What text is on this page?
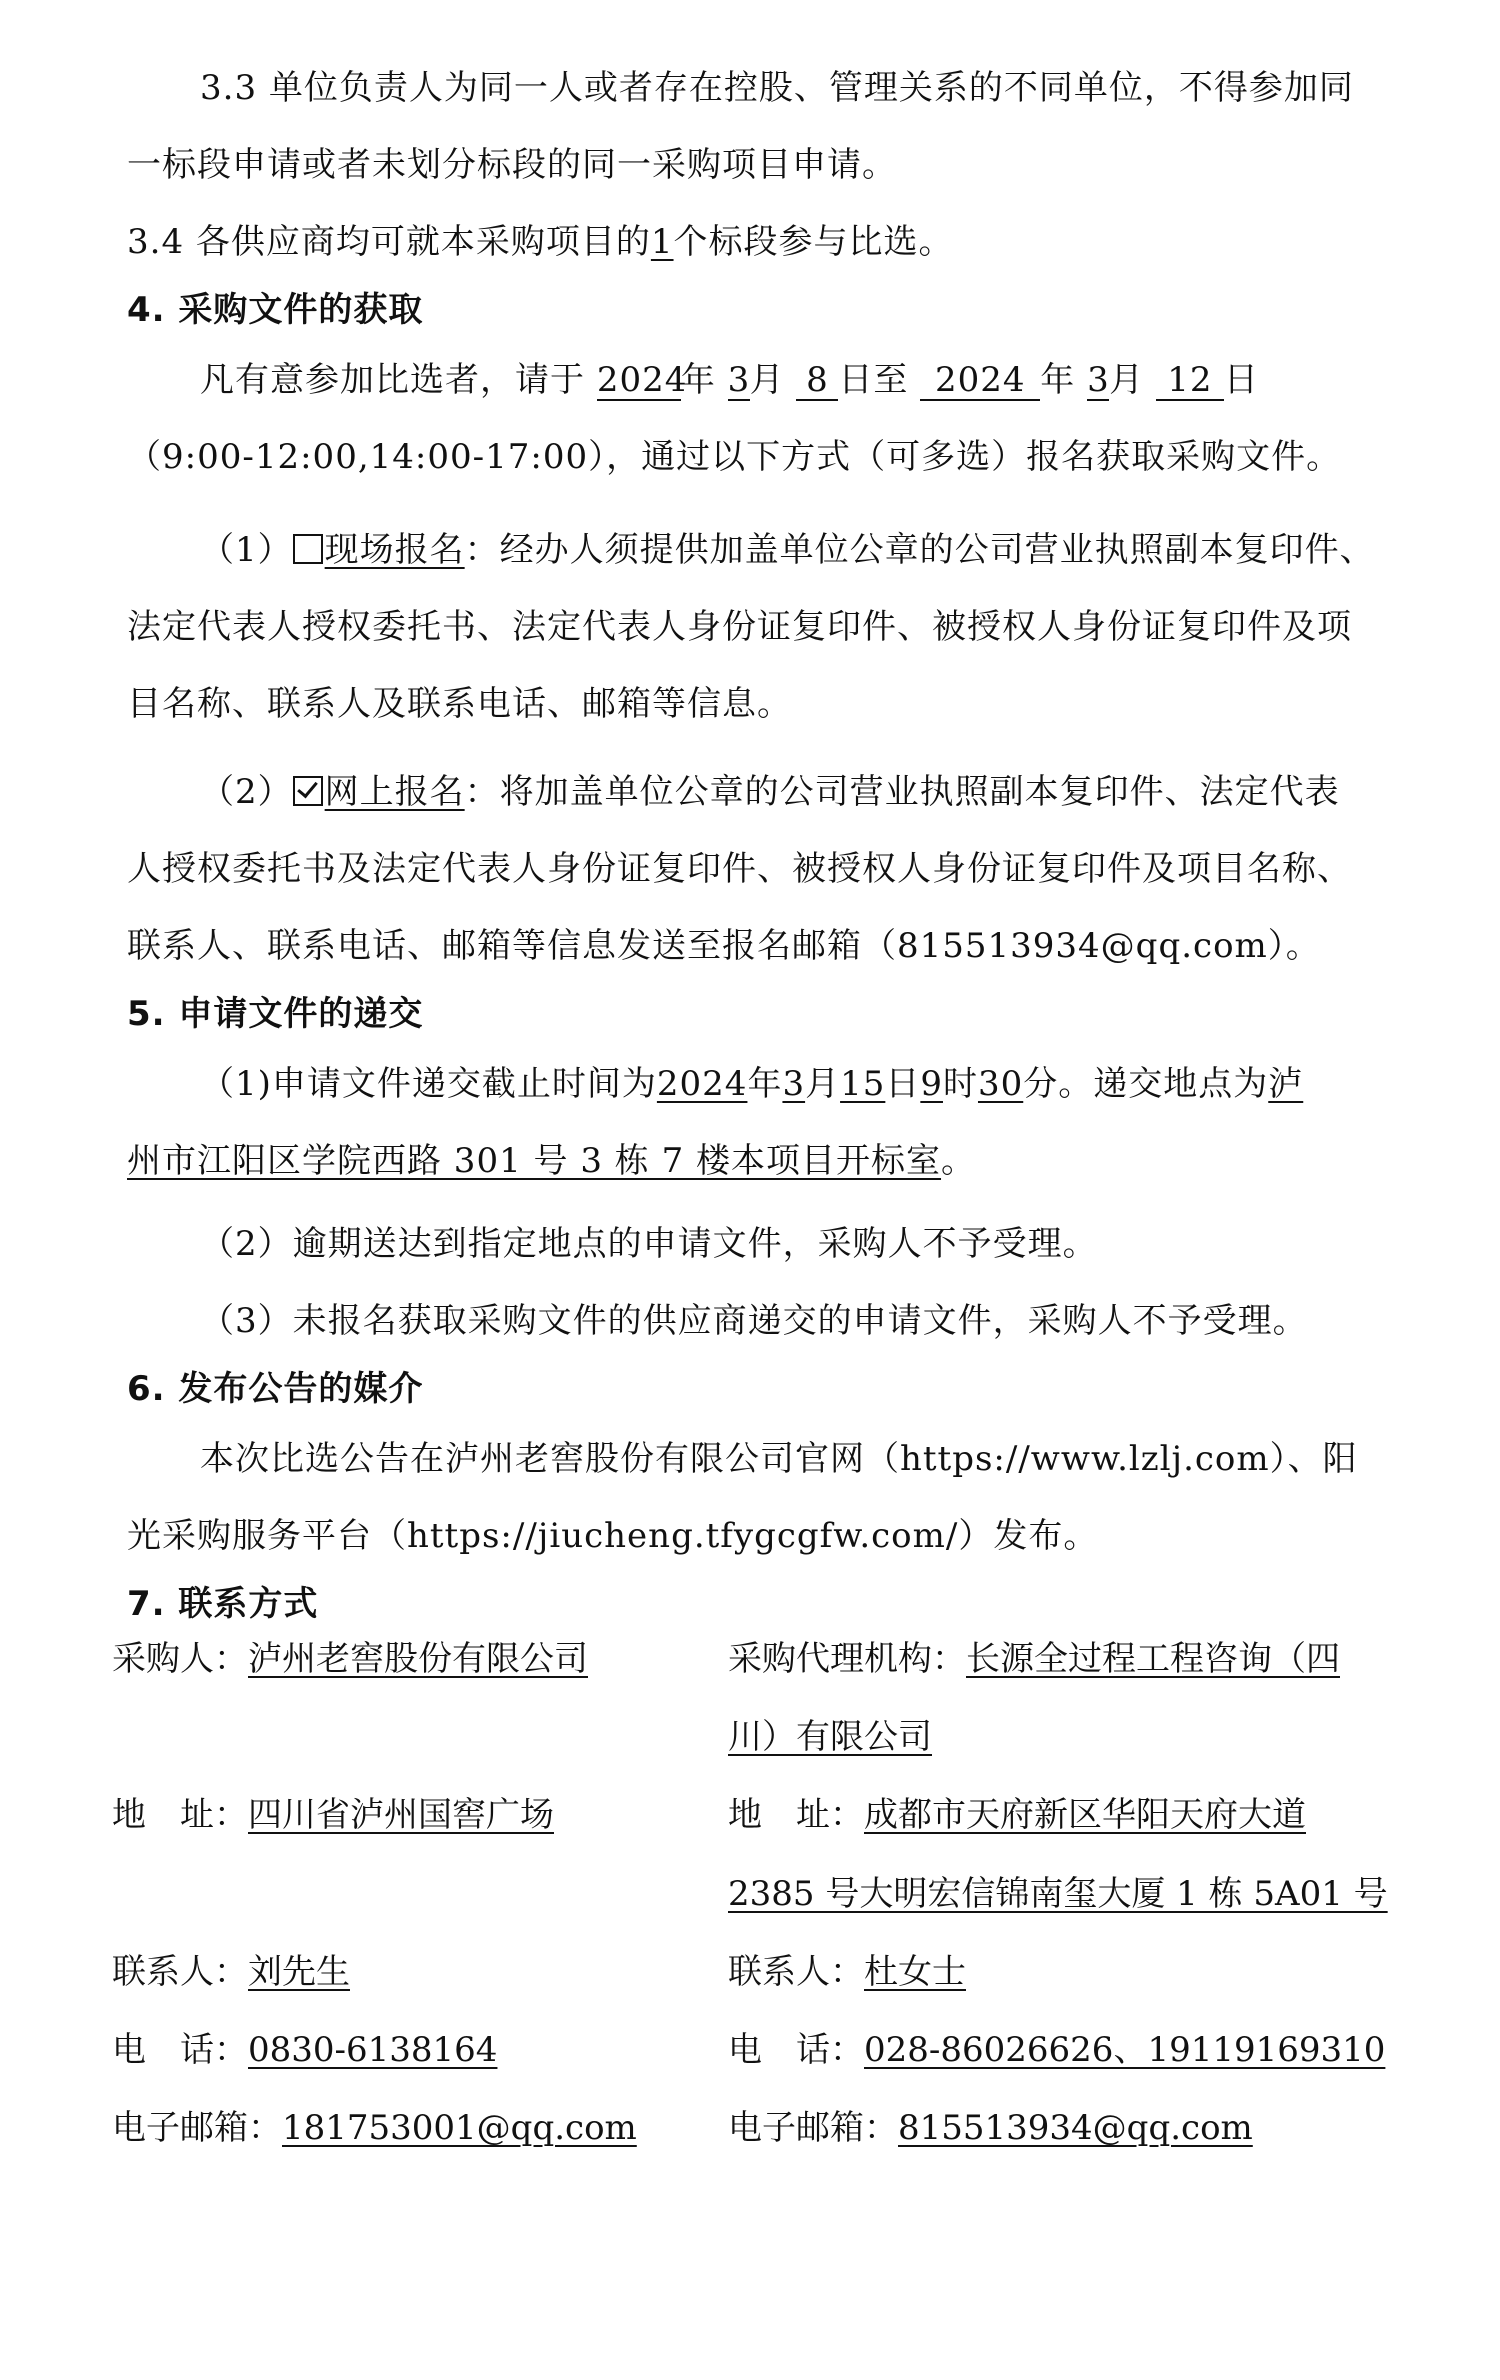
3.3 单位负责人为同一人或者存在控股、管理关系的不同单位，不得参加同
一标段申请或者未划分标段的同一采购项目申请。
3.4 各供应商均可就本采购项目的1个标段参与比选。
4. 采购文件的获取
凡有意参加比选者，请于 2024年 3月 8 日至 2024 年 3月 12 日
（9:00-12:00,14:00-17:00），通过以下方式（可多选）报名获取采购文件。
（1） 现场报名：经办人须提供加盖单位公章的公司营业执照副本复印件、
法定代表人授权委托书、法定代表人身份证复印件、被授权人身份证复印件及项
目名称、联系人及联系电话、邮箱等信息。
（2） 网上报名：将加盖单位公章的公司营业执照副本复印件、法定代表
人授权委托书及法定代表人身份证复印件、被授权人身份证复印件及项目名称、
联系人、联系电话、邮箱等信息发送至报名邮箱（815513934@qq.com）。
5. 申请文件的递交
（1)申请文件递交截止时间为2024年3月15日9时30分。递交地点为泸
州市江阳区学院西路 301 号 3 栋 7 楼本项目开标室。
（2）逾期送达到指定地点的申请文件，采购人不予受理。
（3）未报名获取采购文件的供应商递交的申请文件，采购人不予受理。
6. 发布公告的媒介
本次比选公告在泸州老窖股份有限公司官网（https://www.lzlj.com）、阳
光采购服务平台（https://jiucheng.tfygcgfw.com/）发布。
7. 联系方式
采购人：泸州老窖股份有限公司　
地　址：四川省泸州国窖广场
联系人：刘先生
电　话：0830-6138164
电子邮箱：181753001@qq.com
采购代理机构：长源全过程工程咨询（四
川）有限公司
地　址：成都市天府新区华阳天府大道
2385 号大明宏信锦南玺大厦 1 栋 5A01 号
联系人：杜女士
电　话：028-86026626、19119169310
电子邮箱：815513934@qq.com
